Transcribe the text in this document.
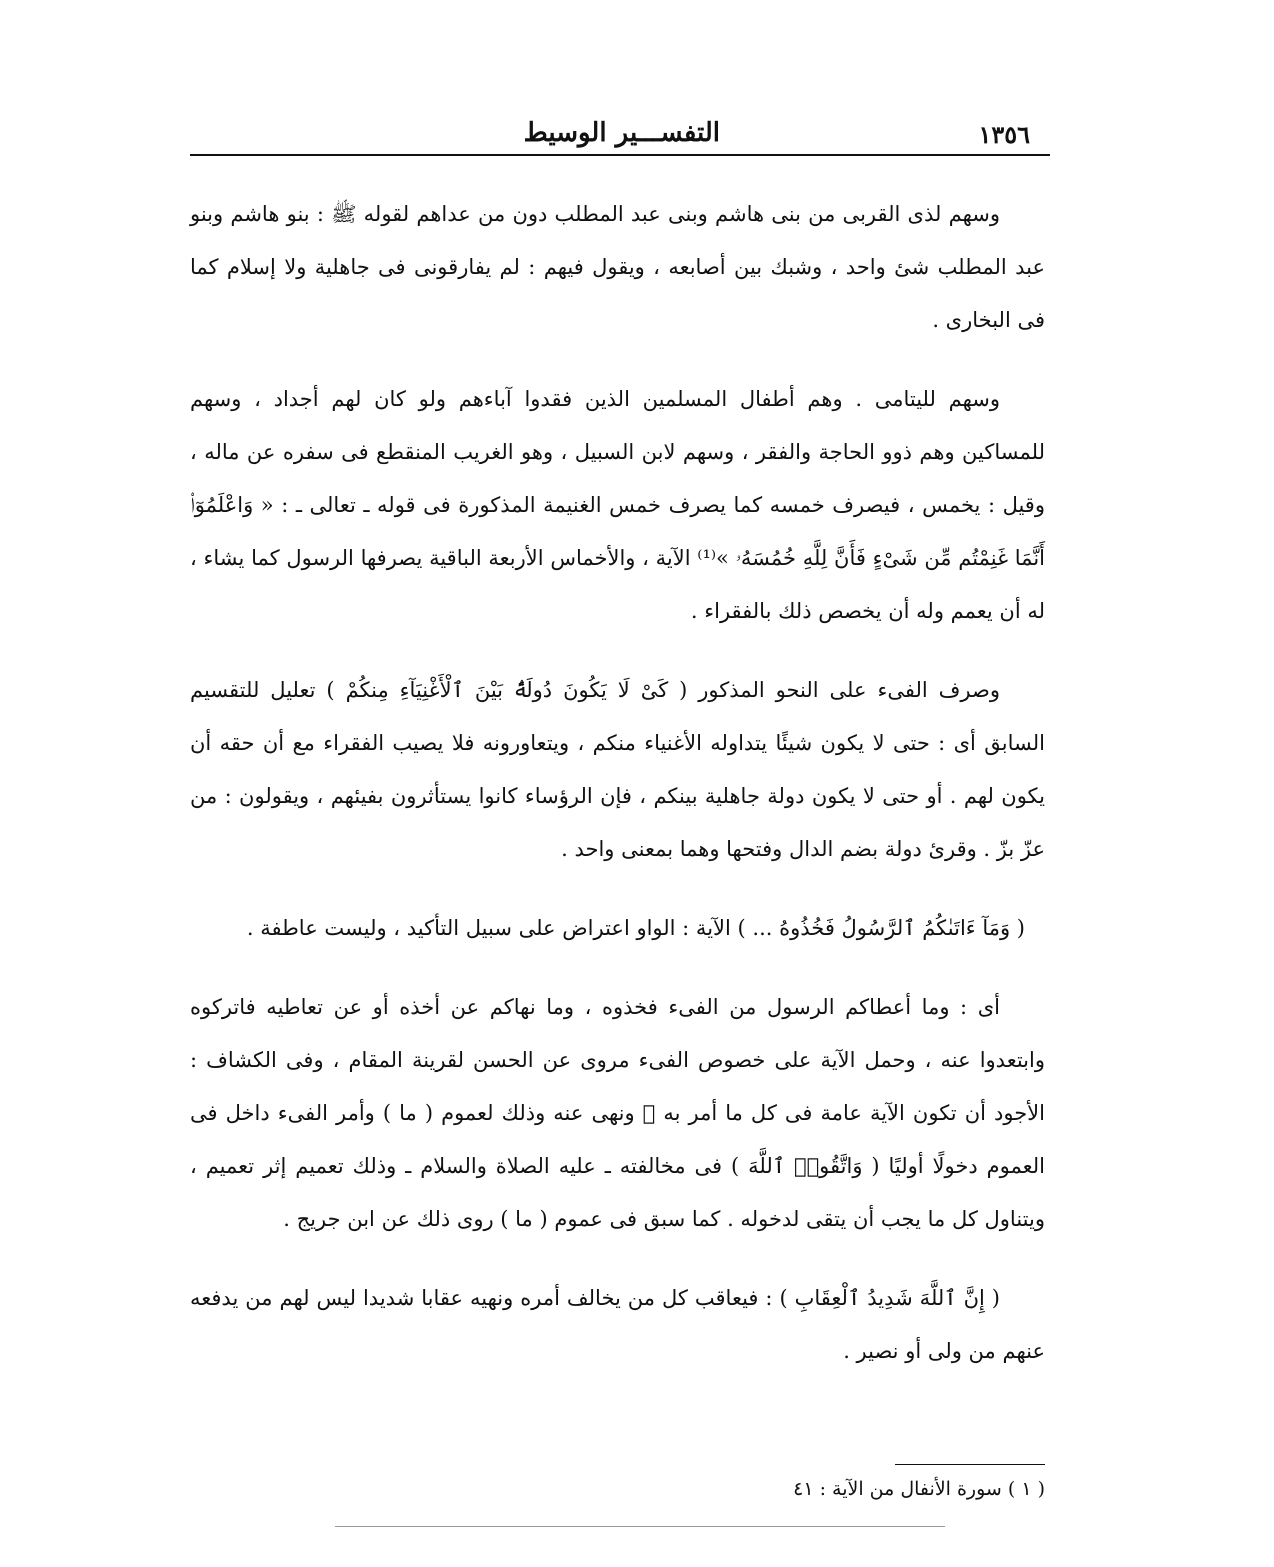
١٣٥٦
التفســـير الوسيط

وسهم لذى القربى من بنى هاشم وبنى عبد المطلب دون من عداهم لقوله ﷺ : بنو هاشم وبنو عبد المطلب شئ واحد ، وشبك بين أصابعه ، ويقول فيهم : لم يفارقونى فى جاهلية ولا إسلام كما فى البخارى .

وسهم لليتامى . وهم أطفال المسلمين الذين فقدوا آباءهم ولو كان لهم أجداد ، وسهم للمساكين وهم ذوو الحاجة والفقر ، وسهم لابن السبيل ، وهو الغريب المنقطع فى سفره عن ماله ، وقيل : يخمس ، فيصرف خمسه كما يصرف خمس الغنيمة المذكورة فى قوله ـ تعالى ـ : « وَاعْلَمُوٓا۟ أَنَّمَا غَنِمْتُم مِّن شَىْءٍ فَأَنَّ لِلَّهِ خُمُسَهُۥ »⁽¹⁾ الآية ، والأخماس الأربعة الباقية يصرفها الرسول كما يشاء ، له أن يعمم وله أن يخصص ذلك بالفقراء .

وصرف الفىء على النحو المذكور ( كَىْ لَا يَكُونَ دُولَةًۢ بَيْنَ ٱلْأَغْنِيَآءِ مِنكُمْ ) تعليل للتقسيم السابق أى : حتى لا يكون شيئًا يتداوله الأغنياء منكم ، ويتعاورونه فلا يصيب الفقراء مع أن حقه أن يكون لهم . أو حتى لا يكون دولة جاهلية بينكم ، فإن الرؤساء كانوا يستأثرون بفيئهم ، ويقولون : من عزّ بزّ . وقرئ دولة بضم الدال وفتحها وهما بمعنى واحد .

( وَمَآ ءَاتَىٰكُمُ ٱلرَّسُولُ فَخُذُوهُ ... ) الآية : الواو اعتراض على سبيل التأكيد ، وليست عاطفة .

أى : وما أعطاكم الرسول من الفىء فخذوه ، وما نهاكم عن أخذه أو عن تعاطيه فاتركوه وابتعدوا عنه ، وحمل الآية على خصوص الفىء مروى عن الحسن لقرينة المقام ، وفى الكشاف : الأجود أن تكون الآية عامة فى كل ما أمر به ﷺ ونهى عنه وذلك لعموم ( ما ) وأمر الفىء داخل فى العموم دخولًا أوليًا ( وَاتَّقُوا۟ ٱللَّهَ ) فى مخالفته ـ عليه الصلاة والسلام ـ وذلك تعميم إثر تعميم ، ويتناول كل ما يجب أن يتقى لدخوله . كما سبق فى عموم ( ما ) روى ذلك عن ابن جريج .

( إِنَّ ٱللَّهَ شَدِيدُ ٱلْعِقَابِ ) : فيعاقب كل من يخالف أمره ونهيه عقابا شديدا ليس لهم من يدفعه عنهم من ولى أو نصير .

( ١ ) سورة الأنفال من الآية : ٤١
